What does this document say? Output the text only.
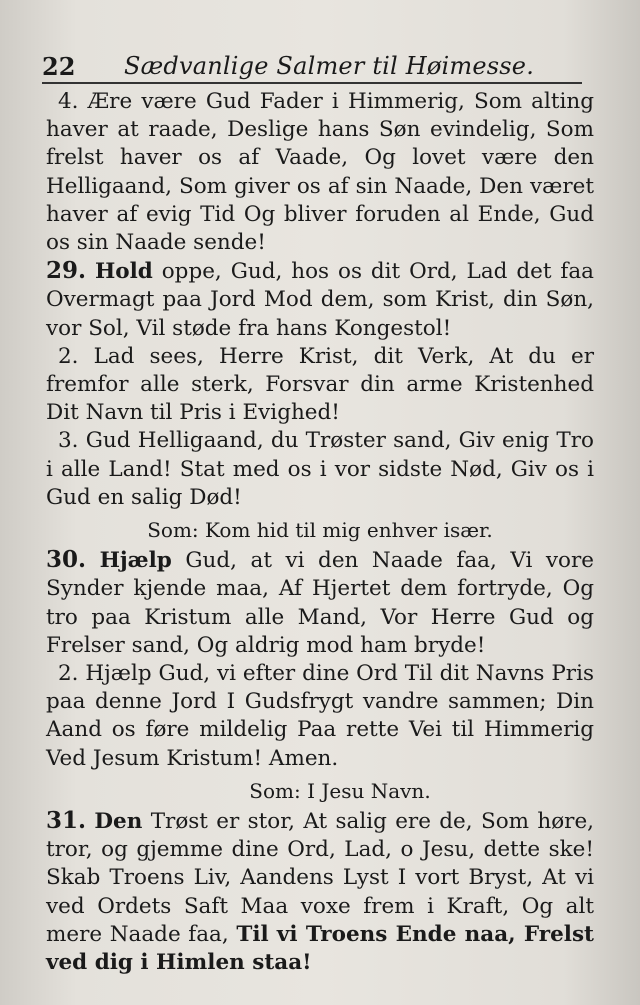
22 Sædvanlige Salmer til Høimesse.

4. Ære være Gud Fader i Himmerig, Som alting haver at raade, Deslige hans Søn evindelig, Som frelst haver os af Vaade, Og lovet være den Helligaand, Som giver os af sin Naade, Den været haver af evig Tid Og bliver foruden al Ende, Gud os sin Naade sende!

29. Hold oppe, Gud, hos os dit Ord, Lad det faa Overmagt paa Jord Mod dem, som Krist, din Søn, vor Sol, Vil støde fra hans Kongestol!

2. Lad sees, Herre Krist, dit Verk, At du er fremfor alle sterk, Forsvar din arme Kristenhed Dit Navn til Pris i Evighed!

3. Gud Helligaand, du Trøster sand, Giv enig Tro i alle Land! Stat med os i vor sidste Nød, Giv os i Gud en salig Død!

Som: Kom hid til mig enhver især.

30. Hjælp Gud, at vi den Naade faa, Vi vore Synder kjende maa, Af Hjertet dem fortryde, Og tro paa Kristum alle Mand, Vor Herre Gud og Frelser sand, Og aldrig mod ham bryde!

2. Hjælp Gud, vi efter dine Ord Til dit Navns Pris paa denne Jord I Gudsfrygt vandre sammen; Din Aand os føre mildelig Paa rette Vei til Himmerig Ved Jesum Kristum! Amen.

Som: I Jesu Navn.

31. Den Trøst er stor, At salig ere de, Som høre, tror, og gjemme dine Ord, Lad, o Jesu, dette ske! Skab Troens Liv, Aandens Lyst I vort Bryst, At vi ved Ordets Saft Maa voxe frem i Kraft, Og alt mere Naade faa, Til vi Troens Ende naa, Frelst ved dig i Himlen staa!
